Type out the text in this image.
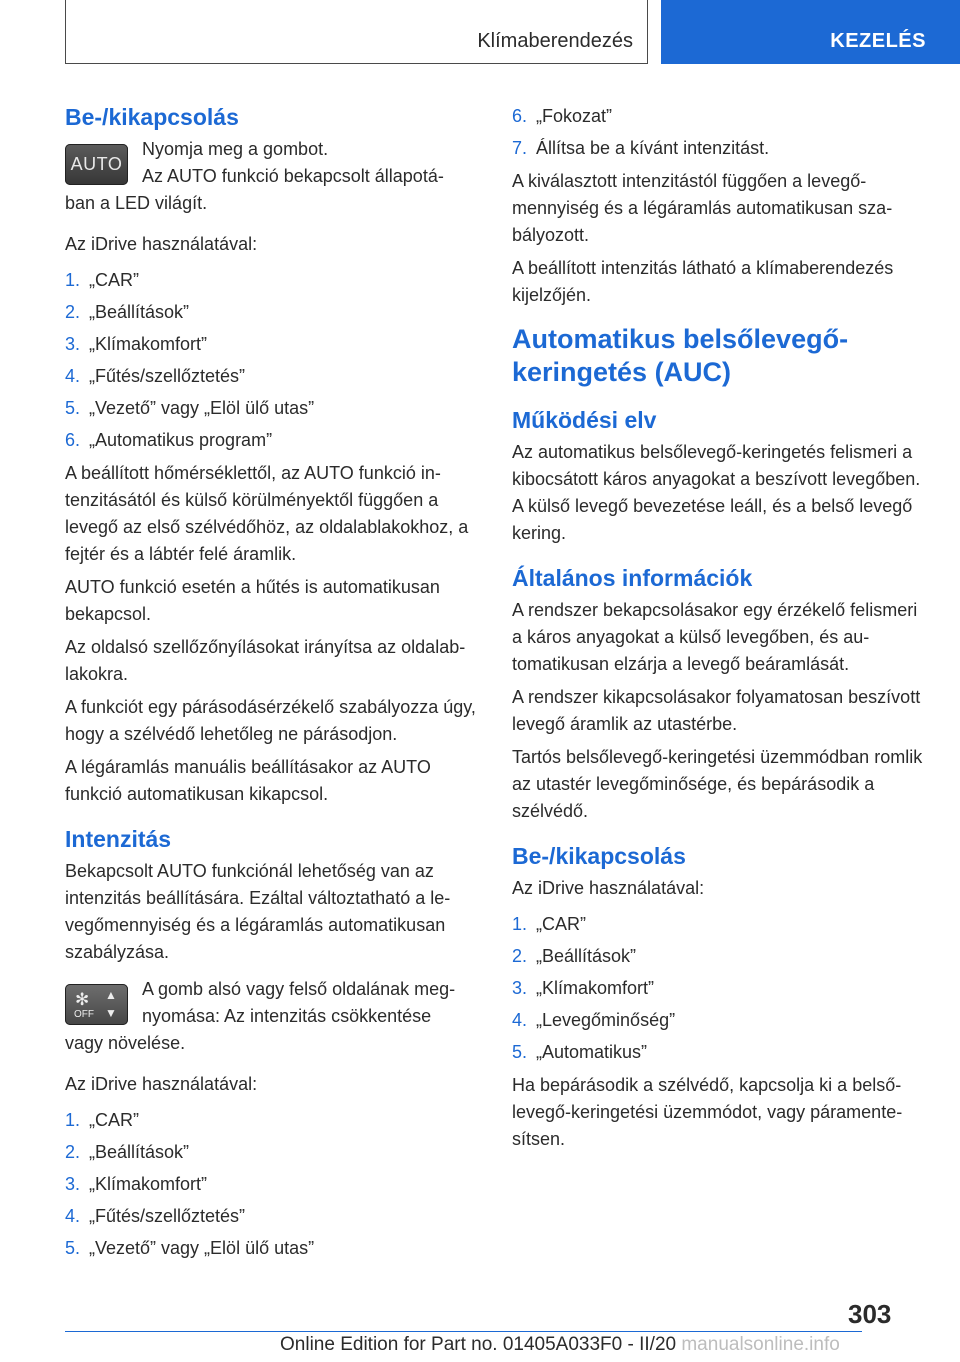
Klímaberendezés	KEZELÉS
Be-/kikapcsolás
AUTO

Nyomja meg a gombot.

Az AUTO funkció bekapcsolt állapotá-

ban a LED világít.

Az iDrive használatával:

1. „CAR”
2. „Beállítások”
3. „Klímakomfort”
4. „Fűtés/szellőztetés”
5. „Vezető” vagy „Elöl ülő utas”
6. „Automatikus program”

A beállított hőmérséklettől, az AUTO funkció intenzitásától és külső körülményektől függően a levegő az első szélvédőhöz, az oldalablakokhoz, a fejtér és a lábtér felé áramlik.

AUTO funkció esetén a hűtés is automatikusan bekapcsol.

Az oldalsó szellőzőnyílásokat irányítsa az oldalablakokra.

A funkciót egy párásodásérzékelő szabályozza úgy, hogy a szélvédő lehetőleg ne párásodjon.

A légáramlás manuális beállításakor az AUTO funkció automatikusan kikapcsol.

Intenzitás

Bekapcsolt AUTO funkciónál lehetőség van az intenzitás beállítására. Ezáltal változtatható a levegőmennyiség és a légáramlás automatikusan szabályzása.

✻
OFF
▲
▼

A gomb alsó vagy felső oldalának meg-

nyomása: Az intenzitás csökkentése

vagy növelése.

Az iDrive használatával:

1. „CAR”
2. „Beállítások”
3. „Klímakomfort”
4. „Fűtés/szellőztetés”
5. „Vezető” vagy „Elöl ülő utas”
6. „Fokozat”
7. Állítsa be a kívánt intenzitást.

A kiválasztott intenzitástól függően a levegőmennyiség és a légáramlás automatikusan szabályozott.

A beállított intenzitás látható a klímaberendezés kijelzőjén.

Automatikus belsőlevegő-keringetés (AUC)
Működési elv

Az automatikus belsőlevegő-keringetés felismeri a kibocsátott káros anyagokat a beszívott levegőben. A külső levegő bevezetése leáll, és a belső levegő kering.

Általános információk

A rendszer bekapcsolásakor egy érzékelő felismeri a káros anyagokat a külső levegőben, és automatikusan elzárja a levegő beáramlását.

A rendszer kikapcsolásakor folyamatosan beszívott levegő áramlik az utastérbe.

Tartós belsőlevegő-keringetési üzemmódban romlik az utastér levegőminősége, és bepárásodik a szélvédő.

Be-/kikapcsolás

Az iDrive használatával:

1. „CAR”
2. „Beállítások”
3. „Klímakomfort”
4. „Levegőminőség”
5. „Automatikus”

Ha bepárásodik a szélvédő, kapcsolja ki a belsőlevegő-keringetési üzemmódot, vagy páramentesítsen.

303
Online Edition for Part no. 01405A033F0 - II/20 manualsonline.info
